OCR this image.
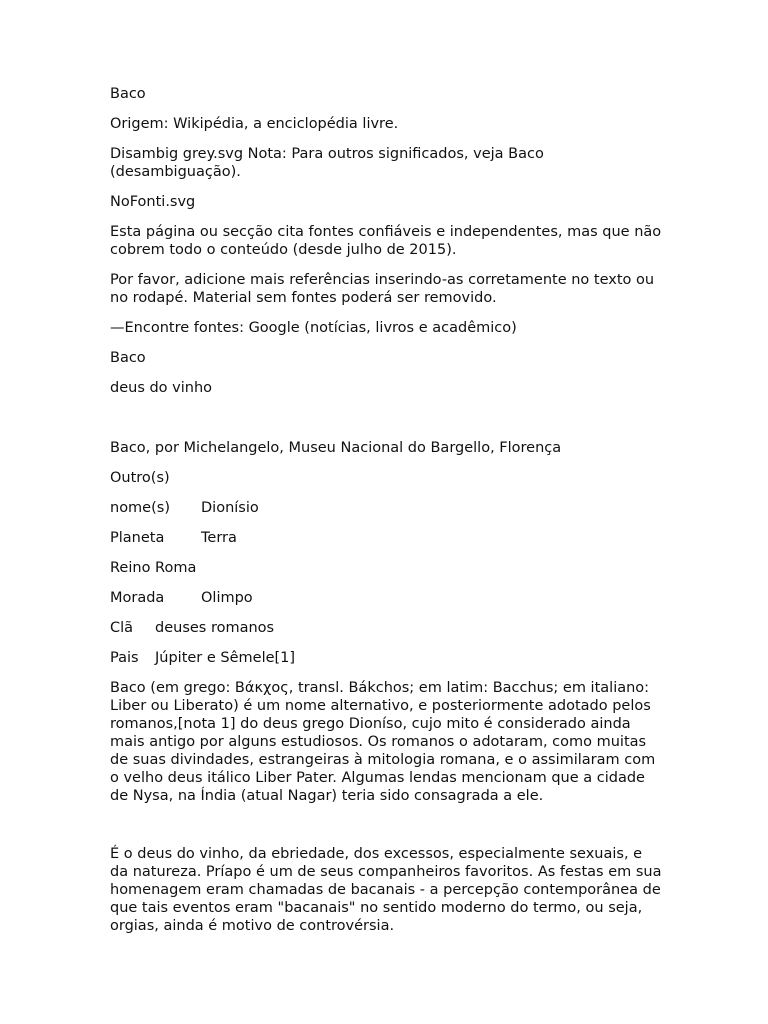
Baco

Origem: Wikipédia, a enciclopédia livre.

Disambig grey.svg Nota: Para outros significados, veja Baco (desambiguação).

NoFonti.svg

Esta página ou secção cita fontes confiáveis e independentes, mas que não cobrem todo o conteúdo (desde julho de 2015).

Por favor, adicione mais referências inserindo-as corretamente no texto ou no rodapé. Material sem fontes poderá ser removido.

—Encontre fontes: Google (notícias, livros e acadêmico)

Baco

deus do vinho

Baco, por Michelangelo, Museu Nacional do Bargello, Florença

Outro(s)

nome(s) Dionísio

Planeta	Terra

Reino Roma

Morada	Olimpo

Clã deuses romanos

Pais Júpiter e Sêmele[1]

Baco (em grego: Βάκχος, transl. Bákchos; em latim: Bacchus; em italiano: Liber ou Liberato) é um nome alternativo, e posteriormente adotado pelos romanos,[nota 1] do deus grego Dioníso, cujo mito é considerado ainda mais antigo por alguns estudiosos. Os romanos o adotaram, como muitas de suas divindades, estrangeiras à mitologia romana, e o assimilaram com o velho deus itálico Liber Pater. Algumas lendas mencionam que a cidade de Nysa, na Índia (atual Nagar) teria sido consagrada a ele.

É o deus do vinho, da ebriedade, dos excessos, especialmente sexuais, e da natureza. Príapo é um de seus companheiros favoritos. As festas em sua homenagem eram chamadas de bacanais - a percepção contemporânea de que tais eventos eram "bacanais" no sentido moderno do termo, ou seja, orgias, ainda é motivo de controvérsia.
